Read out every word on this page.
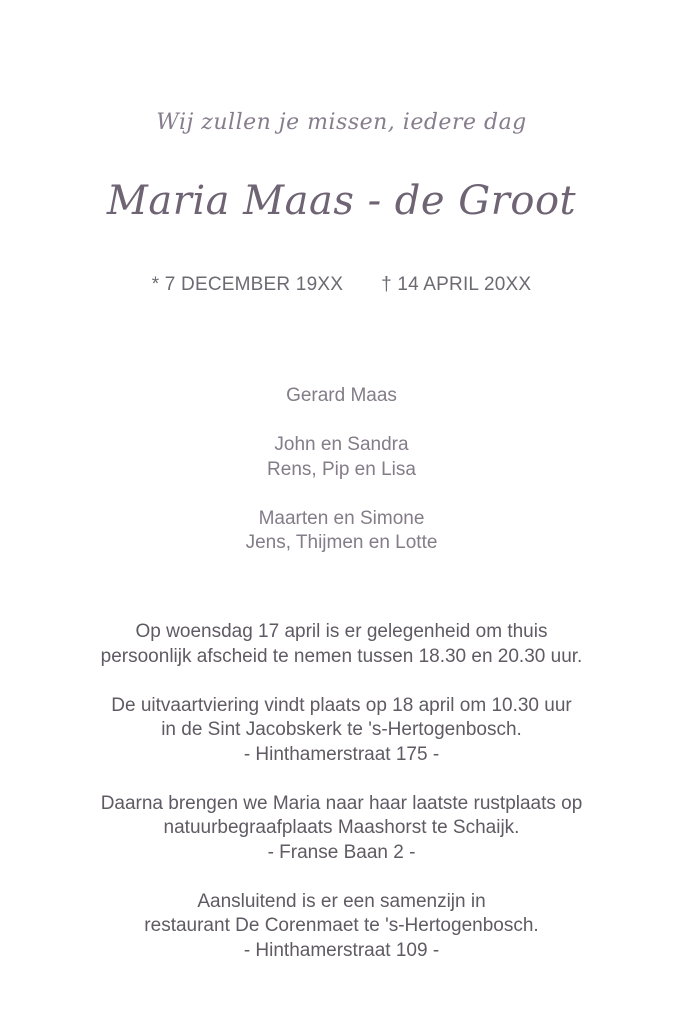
Wij zullen je missen, iedere dag
Maria Maas - de Groot
* 7 DECEMBER 19XX † 14 APRIL 20XX
Gerard Maas
John en Sandra
Rens, Pip en Lisa
Maarten en Simone
Jens, Thijmen en Lotte
Op woensdag 17 april is er gelegenheid om thuis
persoonlijk afscheid te nemen tussen 18.30 en 20.30 uur.
De uitvaartviering vindt plaats op 18 april om 10.30 uur
in de Sint Jacobskerk te 's-Hertogenbosch.
- Hinthamerstraat 175 -
Daarna brengen we Maria naar haar laatste rustplaats op
natuurbegraafplaats Maashorst te Schaijk.
- Franse Baan 2 -
Aansluitend is er een samenzijn in
restaurant De Corenmaet te 's-Hertogenbosch.
- Hinthamerstraat 109 -
